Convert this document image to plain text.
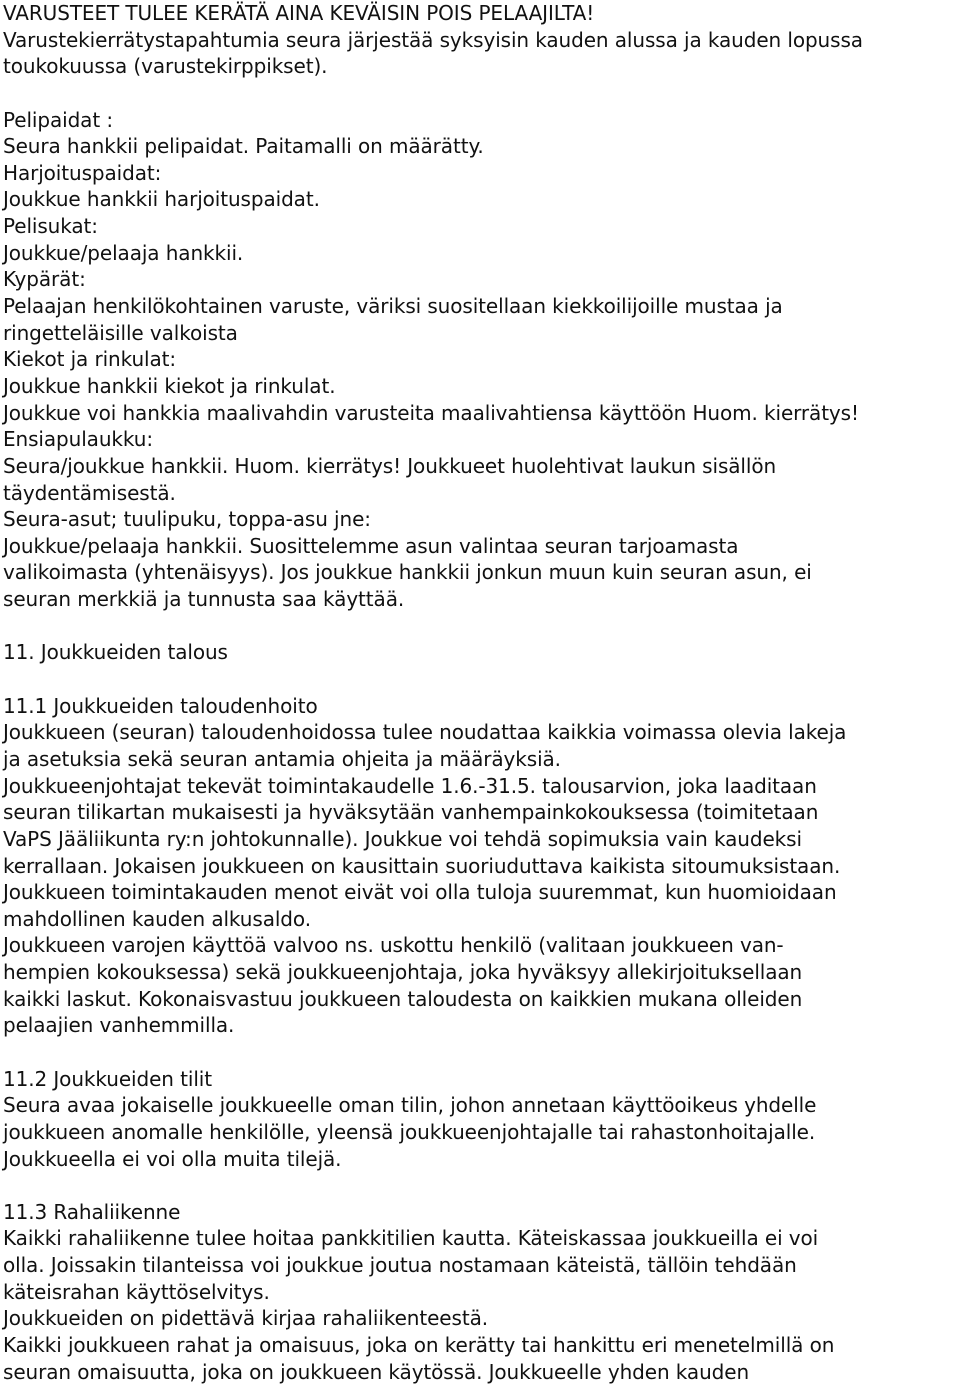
VARUSTEET TULEE KERÄTÄ AINA KEVÄISIN POIS PELAAJILTA!
Varustekierrätystapahtumia seura järjestää syksyisin kauden alussa ja kauden lopussa
toukokuussa (varustekirppikset).
Pelipaidat :
Seura hankkii pelipaidat. Paitamalli on määrätty.
Harjoituspaidat:
Joukkue hankkii harjoituspaidat.
Pelisukat:
Joukkue/pelaaja hankkii.
Kypärät:
Pelaajan henkilökohtainen varuste, väriksi suositellaan kiekkoilijoille mustaa ja
ringetteläisille valkoista
Kiekot ja rinkulat:
Joukkue hankkii kiekot ja rinkulat.
Joukkue voi hankkia maalivahdin varusteita maalivahtiensa käyttöön Huom. kierrätys!
Ensiapulaukku:
Seura/joukkue hankkii. Huom. kierrätys! Joukkueet huolehtivat laukun sisällön
täydentämisestä.
Seura-asut; tuulipuku, toppa-asu jne:
Joukkue/pelaaja hankkii. Suosittelemme asun valintaa seuran tarjoamasta
valikoimasta (yhtenäisyys). Jos joukkue hankkii jonkun muun kuin seuran asun, ei
seuran merkkiä ja tunnusta saa käyttää.
11. Joukkueiden talous
11.1 Joukkueiden taloudenhoito
Joukkueen (seuran) taloudenhoidossa tulee noudattaa kaikkia voimassa olevia lakeja
ja asetuksia sekä seuran antamia ohjeita ja määräyksiä.
Joukkueenjohtajat tekevät toimintakaudelle 1.6.-31.5. talousarvion, joka laaditaan
seuran tilikartan mukaisesti ja hyväksytään vanhempainkokouksessa (toimitetaan
VaPS Jääliikunta ry:n johtokunnalle). Joukkue voi tehdä sopimuksia vain kaudeksi
kerrallaan. Jokaisen joukkueen on kausittain suoriuduttava kaikista sitoumuksistaan.
Joukkueen toimintakauden menot eivät voi olla tuloja suuremmat, kun huomioidaan
mahdollinen kauden alkusaldo.
Joukkueen varojen käyttöä valvoo ns. uskottu henkilö (valitaan joukkueen van-
hempien kokouksessa) sekä joukkueenjohtaja, joka hyväksyy allekirjoituksellaan
kaikki laskut. Kokonaisvastuu joukkueen taloudesta on kaikkien mukana olleiden
pelaajien vanhemmilla.
11.2 Joukkueiden tilit
Seura avaa jokaiselle joukkueelle oman tilin, johon annetaan käyttöoikeus yhdelle
joukkueen anomalle henkilölle, yleensä joukkueenjohtajalle tai rahastonhoitajalle.
Joukkueella ei voi olla muita tilejä.
11.3 Rahaliikenne
Kaikki rahaliikenne tulee hoitaa pankkitilien kautta. Käteiskassaa joukkueilla ei voi
olla. Joissakin tilanteissa voi joukkue joutua nostamaan käteistä, tällöin tehdään
käteisrahan käyttöselvitys.
Joukkueiden on pidettävä kirjaa rahaliikenteestä.
Kaikki joukkueen rahat ja omaisuus, joka on kerätty tai hankittu eri menetelmillä on
seuran omaisuutta, joka on joukkueen käytössä. Joukkueelle yhden kauden
